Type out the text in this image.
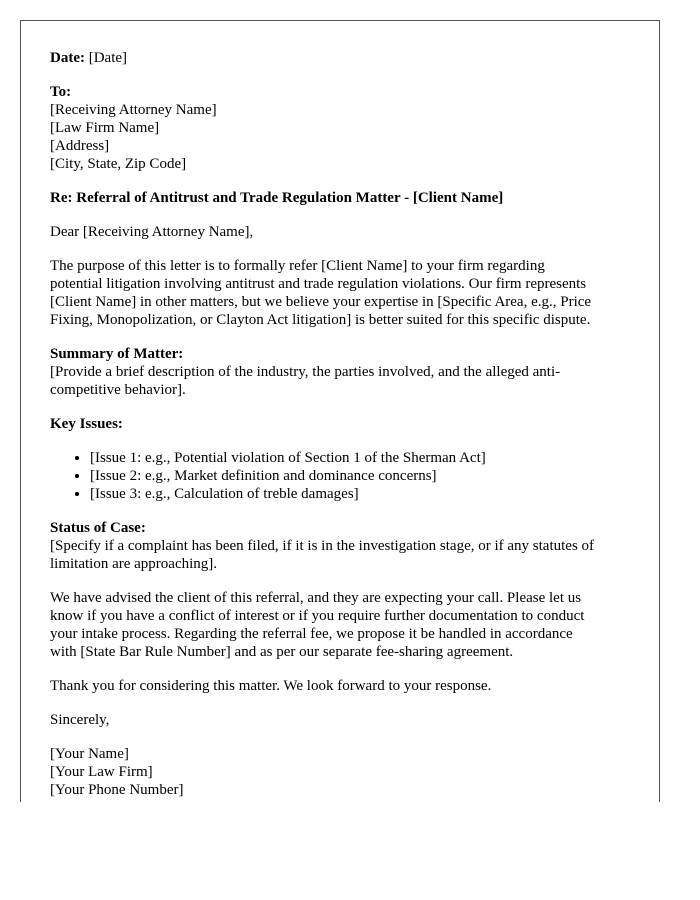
Date: [Date]

To:
[Receiving Attorney Name]
[Law Firm Name]
[Address]
[City, State, Zip Code]

Re: Referral of Antitrust and Trade Regulation Matter - [Client Name]

Dear [Receiving Attorney Name],

The purpose of this letter is to formally refer [Client Name] to your firm regarding
potential litigation involving antitrust and trade regulation violations. Our firm represents
[Client Name] in other matters, but we believe your expertise in [Specific Area, e.g., Price
Fixing, Monopolization, or Clayton Act litigation] is better suited for this specific dispute.
Summary of Matter:
[Provide a brief description of the industry, the parties involved, and the alleged anti-
competitive behavior].

Key Issues:

• [Issue 1: e.g., Potential violation of Section 1 of the Sherman Act]
• [Issue 2: e.g., Market definition and dominance concerns]
• [Issue 3: e.g., Calculation of treble damages]
Status of Case:
[Specify if a complaint has been filed, if it is in the investigation stage, or if any statutes of
limitation are approaching].
We have advised the client of this referral, and they are expecting your call. Please let us
know if you have a conflict of interest or if you require further documentation to conduct
your intake process. Regarding the referral fee, we propose it be handled in accordance
with [State Bar Rule Number] and as per our separate fee-sharing agreement.

Thank you for considering this matter. We look forward to your response.

Sincerely,

[Your Name]
[Your Law Firm]
[Your Phone Number]
